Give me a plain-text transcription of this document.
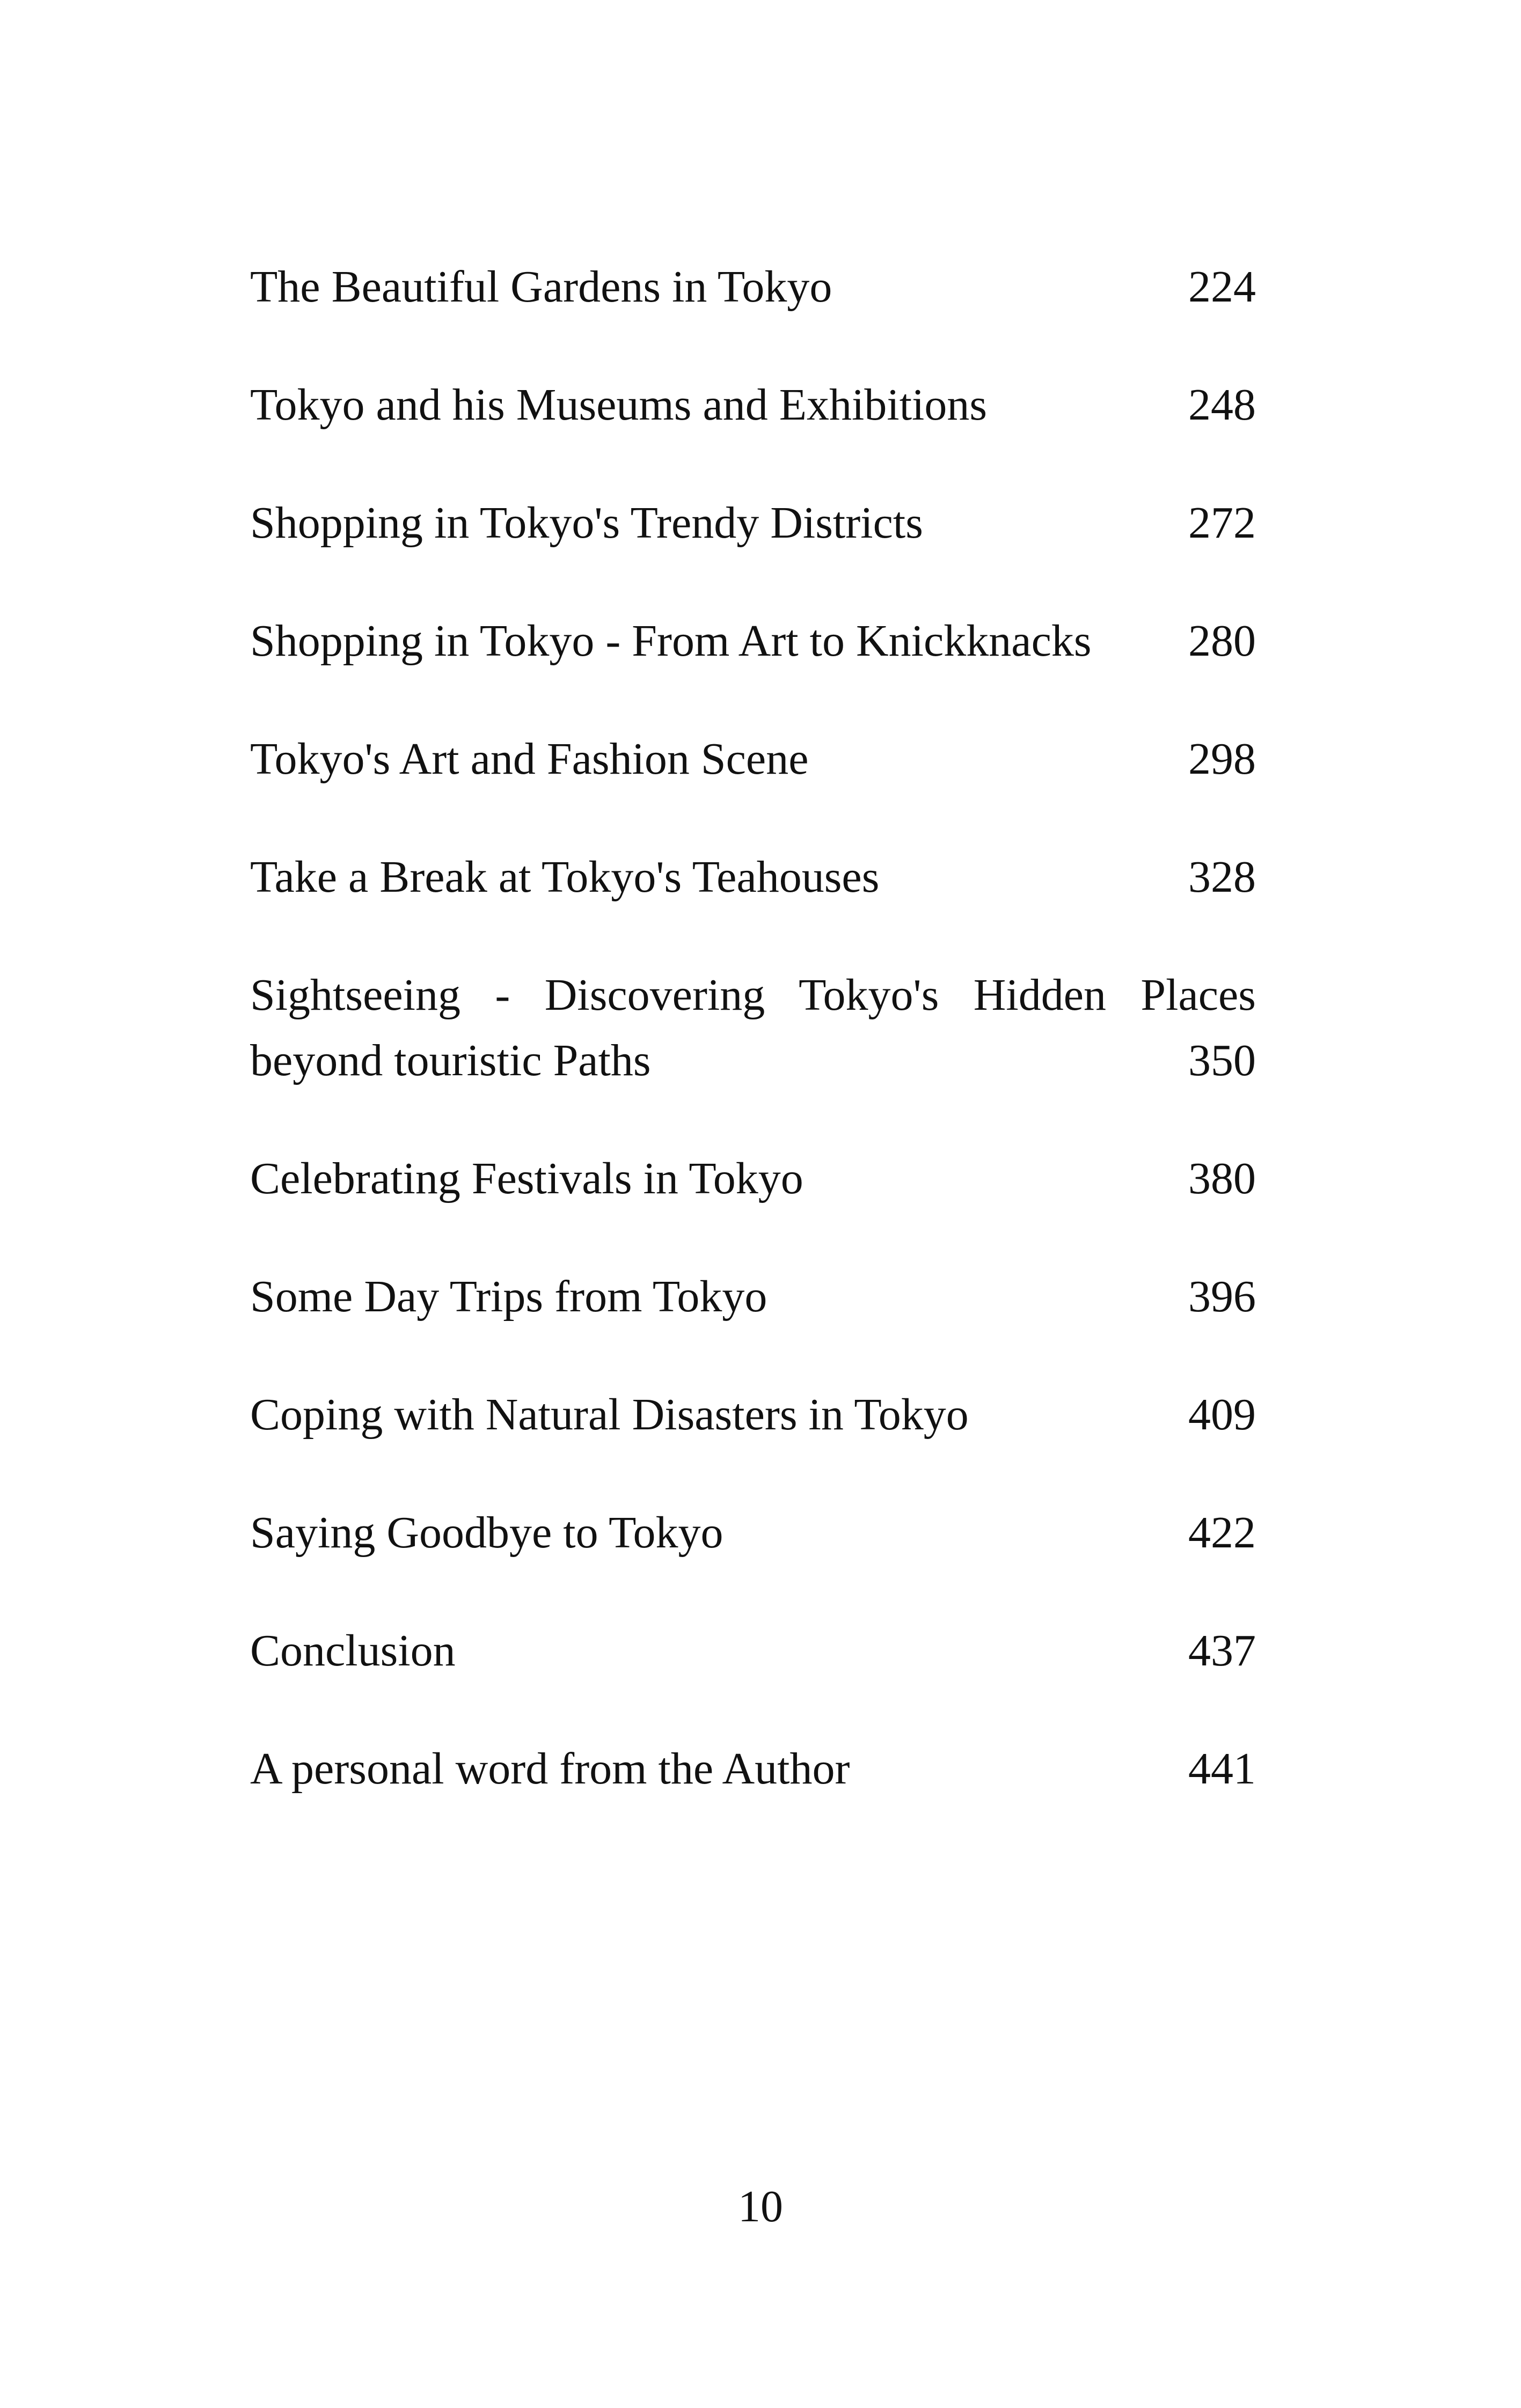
The Beautiful Gardens in Tokyo	224
Tokyo and his Museums and Exhibitions	248
Shopping in Tokyo's Trendy Districts	272
Shopping in Tokyo - From Art to Knickknacks 280
Tokyo's Art and Fashion Scene	298
Take a Break at Tokyo's Teahouses	328
Sightseeing - Discovering Tokyo's Hidden Places beyond touristic Paths	350
Celebrating Festivals in Tokyo	380
Some Day Trips from Tokyo	396
Coping with Natural Disasters in Tokyo	409
Saying Goodbye to Tokyo	422
Conclusion	437
A personal word from the Author	441
10
